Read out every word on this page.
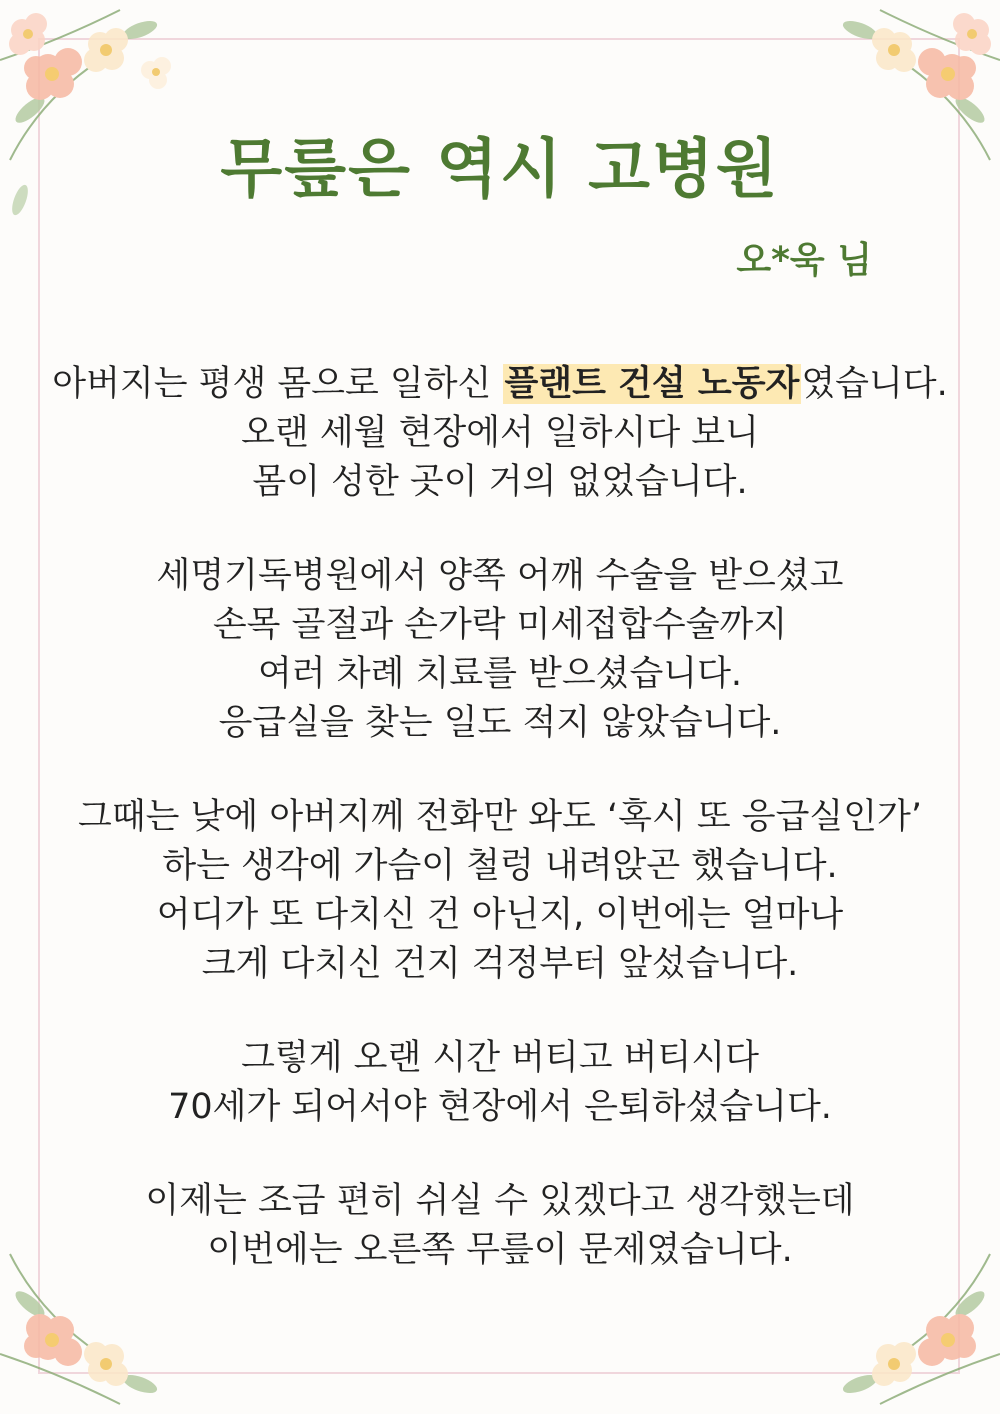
무릎은 역시 고병원
오*욱 님

아버지는 평생 몸으로 일하신 플랜트 건설 노동자였습니다.
오랜 세월 현장에서 일하시다 보니
몸이 성한 곳이 거의 없었습니다.

세명기독병원에서 양쪽 어깨 수술을 받으셨고
손목 골절과 손가락 미세접합수술까지
여러 차례 치료를 받으셨습니다.
응급실을 찾는 일도 적지 않았습니다.

그때는 낮에 아버지께 전화만 와도 ‘혹시 또 응급실인가’
하는 생각에 가슴이 철렁 내려앉곤 했습니다.
어디가 또 다치신 건 아닌지, 이번에는 얼마나
크게 다치신 건지 걱정부터 앞섰습니다.

그렇게 오랜 시간 버티고 버티시다
70세가 되어서야 현장에서 은퇴하셨습니다.

이제는 조금 편히 쉬실 수 있겠다고 생각했는데
이번에는 오른쪽 무릎이 문제였습니다.
